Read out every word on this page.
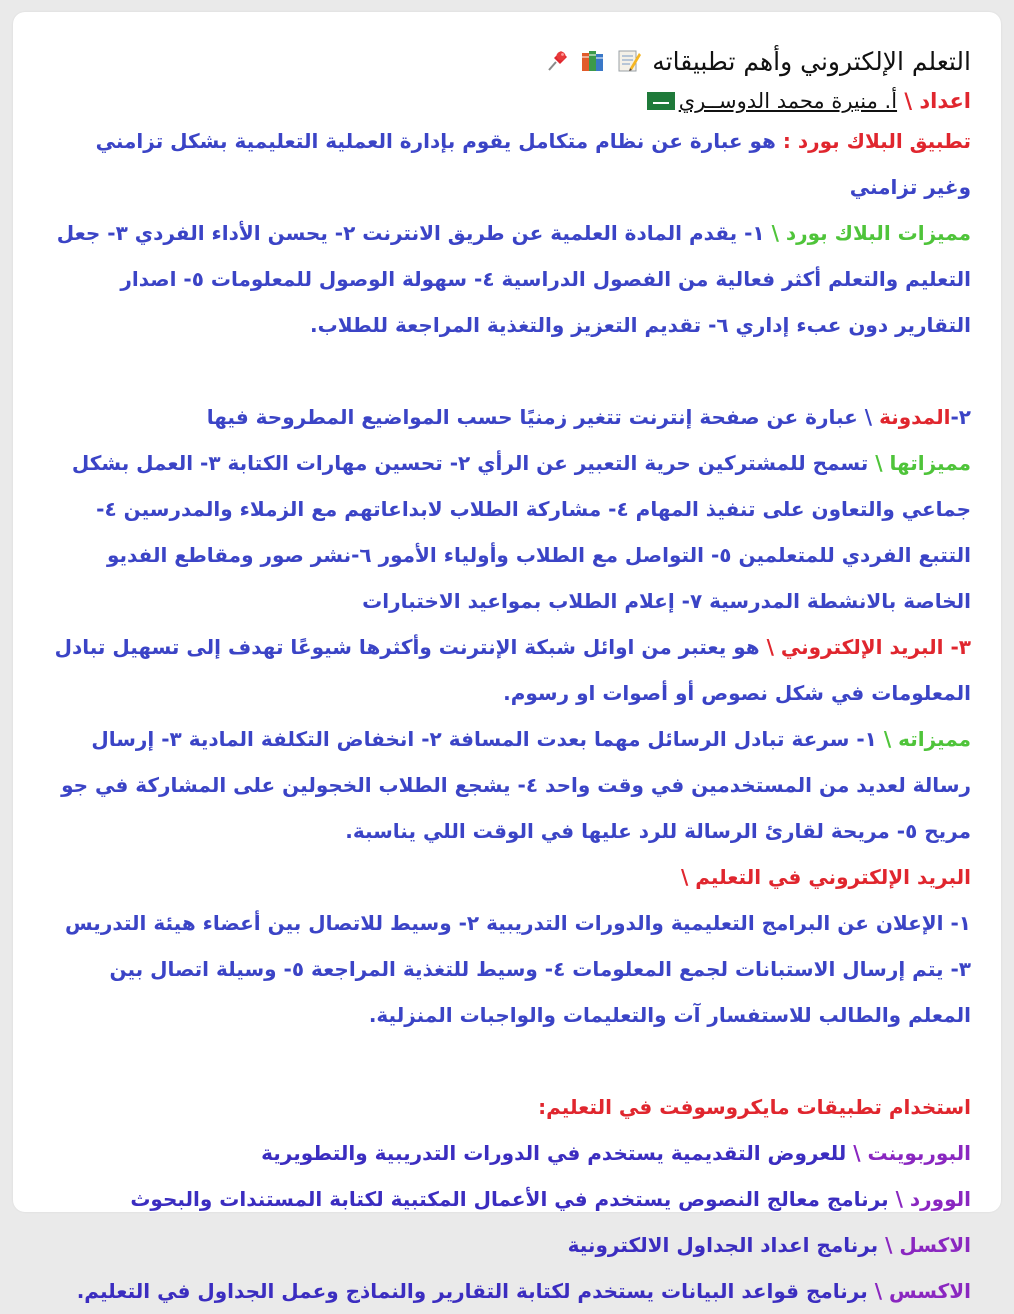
التعلم الإلكتروني وأهم تطبيقاته
اعداد \ أ. منيرة محمد الدوســري

تطبيق البلاك بورد : هو عبارة عن نظام متكامل يقوم بإدارة العملية التعليمية بشكل تزامني وغير تزامني

مميزات البلاك بورد \ ١- يقدم المادة العلمية عن طريق الانترنت ٢- يحسن الأداء الفردي ٣- جعل التعليم والتعلم أكثر فعالية من الفصول الدراسية ٤- سهولة الوصول للمعلومات ٥- اصدار التقارير دون عبء إداري ٦- تقديم التعزيز والتغذية المراجعة للطلاب.

٢-المدونة \ عبارة عن صفحة إنترنت تتغير زمنيًا حسب المواضيع المطروحة فيها

مميزاتها \ تسمح للمشتركين حرية التعبير عن الرأي ٢- تحسين مهارات الكتابة ٣- العمل بشكل جماعي والتعاون على تنفيذ المهام ٤- مشاركة الطلاب لابداعاتهم مع الزملاء والمدرسين ٤- التتبع الفردي للمتعلمين ٥- التواصل مع الطلاب وأولياء الأمور ٦-نشر صور ومقاطع الفديو الخاصة بالانشطة المدرسية ٧- إعلام الطلاب بمواعيد الاختبارات

٣- البريد الإلكتروني \ هو يعتبر من اوائل شبكة الإنترنت وأكثرها شيوعًا تهدف إلى تسهيل تبادل المعلومات في شكل نصوص أو أصوات او رسوم.

مميزاته \ ١- سرعة تبادل الرسائل مهما بعدت المسافة ٢- انخفاض التكلفة المادية ٣- إرسال رسالة لعديد من المستخدمين في وقت واحد ٤- يشجع الطلاب الخجولين على المشاركة في جو مريح ٥- مريحة لقارئ الرسالة للرد عليها في الوقت اللي يناسبة.

البريد الإلكتروني في التعليم \

١- الإعلان عن البرامج التعليمية والدورات التدريبية ٢- وسيط للاتصال بين أعضاء هيئة التدريس ٣- يتم إرسال الاستبانات لجمع المعلومات ٤- وسيط للتغذية المراجعة ٥- وسيلة اتصال بين المعلم والطالب للاستفسار آت والتعليمات والواجبات المنزلية.

استخدام تطبيقات مايكروسوفت في التعليم:

البوربوينت \ للعروض التقديمية يستخدم في الدورات التدريبية والتطويرية

الوورد \ برنامج معالج النصوص يستخدم في الأعمال المكتبية لكتابة المستندات والبحوث

الاكسل \ برنامج اعداد الجداول الالكترونية

الاكسس \ برنامج قواعد البيانات يستخدم لكتابة التقارير والنماذج وعمل الجداول في التعليم.
